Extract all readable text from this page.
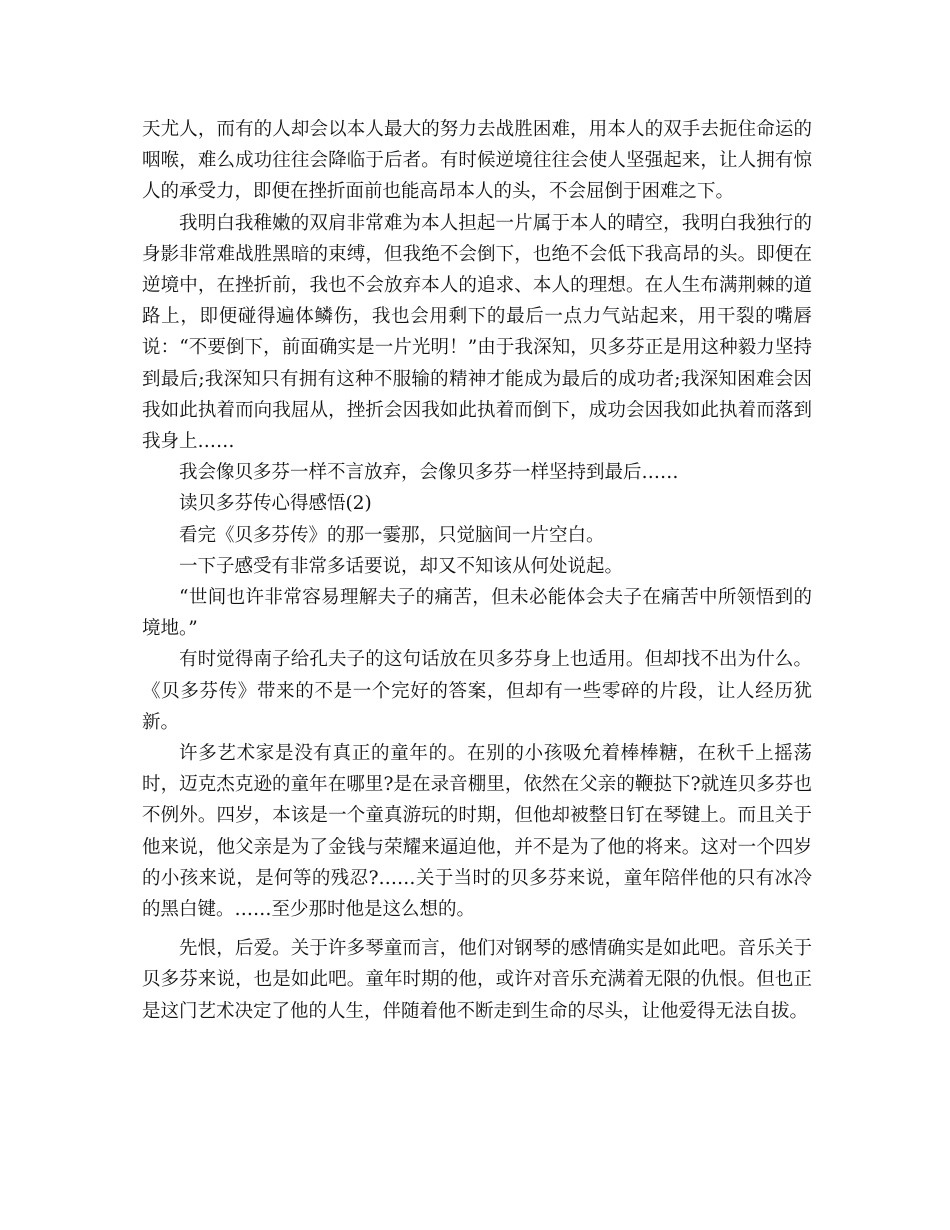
天尤人，而有的人却会以本人最大的努力去战胜困难，用本人的双手去扼住命运的咽喉，难么成功往往会降临于后者。有时候逆境往往会使人坚强起来，让人拥有惊人的承受力，即便在挫折面前也能高昂本人的头，不会屈倒于困难之下。

我明白我稚嫩的双肩非常难为本人担起一片属于本人的晴空，我明白我独行的身影非常难战胜黑暗的束缚，但我绝不会倒下，也绝不会低下我高昂的头。即便在逆境中，在挫折前，我也不会放弃本人的追求、本人的理想。在人生布满荆棘的道路上，即便碰得遍体鳞伤，我也会用剩下的最后一点力气站起来，用干裂的嘴唇说：“不要倒下，前面确实是一片光明！”由于我深知，贝多芬正是用这种毅力坚持到最后;我深知只有拥有这种不服输的精神才能成为最后的成功者;我深知困难会因我如此执着而向我屈从，挫折会因我如此执着而倒下，成功会因我如此执着而落到我身上……

我会像贝多芬一样不言放弃，会像贝多芬一样坚持到最后……

读贝多芬传心得感悟(2)

看完《贝多芬传》的那一霎那，只觉脑间一片空白。

一下子感受有非常多话要说，却又不知该从何处说起。

“世间也许非常容易理解夫子的痛苦，但未必能体会夫子在痛苦中所领悟到的境地。”

有时觉得南子给孔夫子的这句话放在贝多芬身上也适用。但却找不出为什么。《贝多芬传》带来的不是一个完好的答案，但却有一些零碎的片段，让人经历犹新。

许多艺术家是没有真正的童年的。在别的小孩吸允着棒棒糖，在秋千上摇荡时，迈克杰克逊的童年在哪里?是在录音棚里，依然在父亲的鞭挞下?就连贝多芬也不例外。四岁，本该是一个童真游玩的时期，但他却被整日钉在琴键上。而且关于他来说，他父亲是为了金钱与荣耀来逼迫他，并不是为了他的将来。这对一个四岁的小孩来说，是何等的残忍?……关于当时的贝多芬来说，童年陪伴他的只有冰冷的黑白键。……至少那时他是这么想的。

先恨，后爱。关于许多琴童而言，他们对钢琴的感情确实是如此吧。音乐关于贝多芬来说，也是如此吧。童年时期的他，或许对音乐充满着无限的仇恨。但也正是这门艺术决定了他的人生，伴随着他不断走到生命的尽头，让他爱得无法自拔。
